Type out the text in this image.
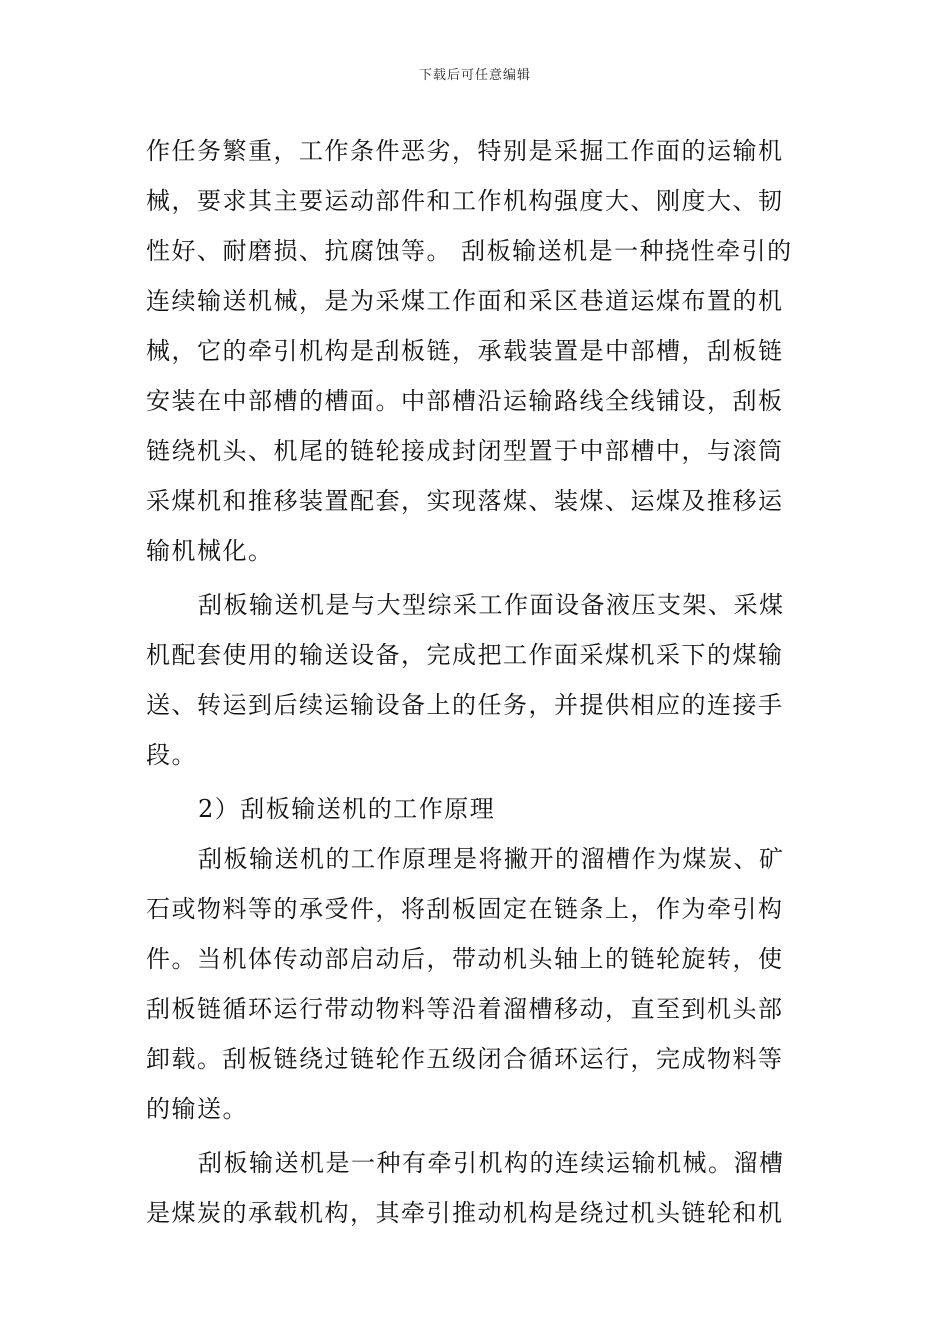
下载后可任意编辑
作任务繁重，工作条件恶劣，特别是采掘工作面的运输机
械，要求其主要运动部件和工作机构强度大、刚度大、韧
性好、耐磨损、抗腐蚀等。 刮板输送机是一种挠性牵引的
连续输送机械，是为采煤工作面和采区巷道运煤布置的机
械，它的牵引机构是刮板链，承载装置是中部槽，刮板链
安装在中部槽的槽面。中部槽沿运输路线全线铺设，刮板
链绕机头、机尾的链轮接成封闭型置于中部槽中，与滚筒
采煤机和推移装置配套，实现落煤、装煤、运煤及推移运
输机械化。
刮板输送机是与大型综采工作面设备液压支架、采煤
机配套使用的输送设备，完成把工作面采煤机采下的煤输
送、转运到后续运输设备上的任务，并提供相应的连接手
段。
2）刮板输送机的工作原理
刮板输送机的工作原理是将撇开的溜槽作为煤炭、矿
石或物料等的承受件，将刮板固定在链条上，作为牵引构
件。当机体传动部启动后，带动机头轴上的链轮旋转，使
刮板链循环运行带动物料等沿着溜槽移动，直至到机头部
卸载。刮板链绕过链轮作五级闭合循环运行，完成物料等
的输送。
刮板输送机是一种有牵引机构的连续运输机械。溜槽
是煤炭的承载机构，其牵引推动机构是绕过机头链轮和机
